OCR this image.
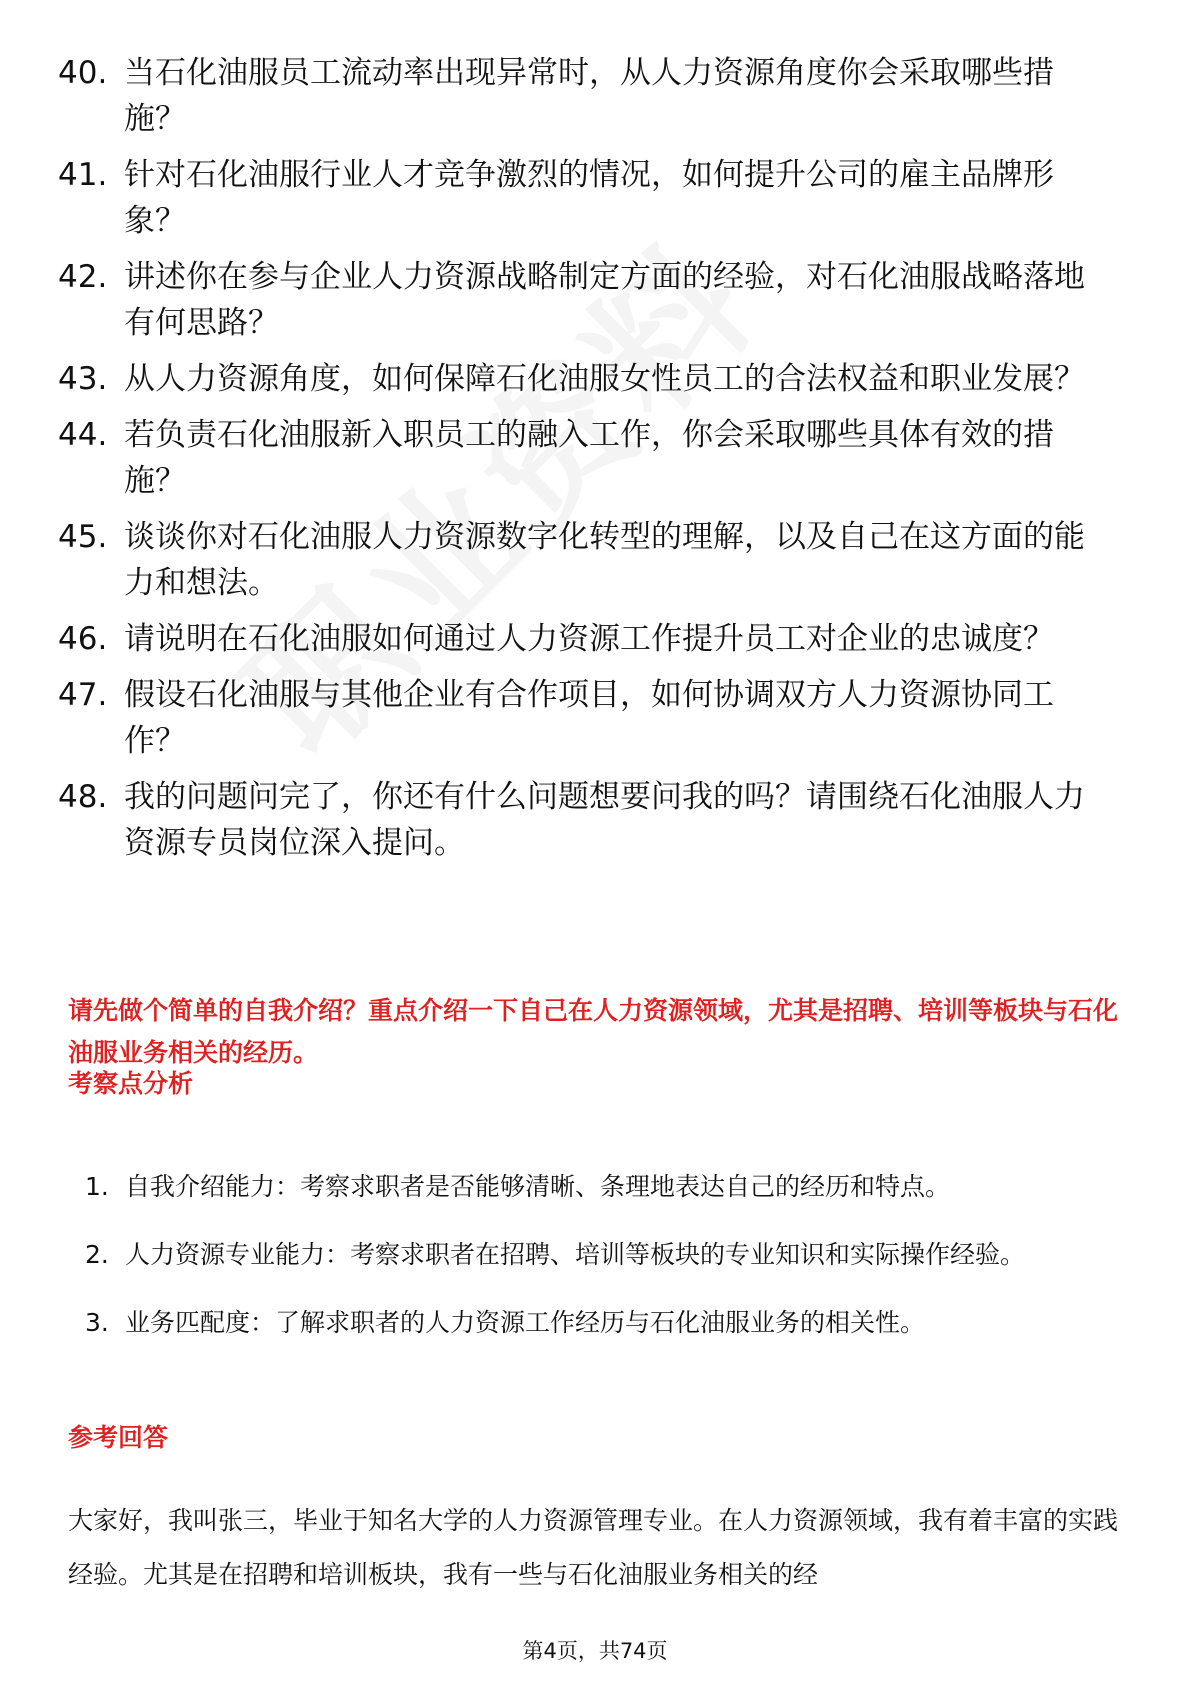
40. 当石化油服员工流动率出现异常时，从人力资源角度你会采取哪些措施？
41. 针对石化油服行业人才竞争激烈的情况，如何提升公司的雇主品牌形象？
42. 讲述你在参与企业人力资源战略制定方面的经验，对石化油服战略落地有何思路？
43. 从人力资源角度，如何保障石化油服女性员工的合法权益和职业发展？
44. 若负责石化油服新入职员工的融入工作，你会采取哪些具体有效的措施？
45. 谈谈你对石化油服人力资源数字化转型的理解，以及自己在这方面的能力和想法。
46. 请说明在石化油服如何通过人力资源工作提升员工对企业的忠诚度？
47. 假设石化油服与其他企业有合作项目，如何协调双方人力资源协同工作？
48. 我的问题问完了，你还有什么问题想要问我的吗？请围绕石化油服人力资源专员岗位深入提问。
请先做个简单的自我介绍？重点介绍一下自己在人力资源领域，尤其是招聘、培训等板块与石化油服业务相关的经历。
考察点分析
1. 自我介绍能力：考察求职者是否能够清晰、条理地表达自己的经历和特点。
2. 人力资源专业能力：考察求职者在招聘、培训等板块的专业知识和实际操作经验。
3. 业务匹配度：了解求职者的人力资源工作经历与石化油服业务的相关性。
参考回答
大家好，我叫张三，毕业于知名大学的人力资源管理专业。在人力资源领域，我有着丰富的实践经验。尤其是在招聘和培训板块，我有一些与石化油服业务相关的经
第4页，共74页
